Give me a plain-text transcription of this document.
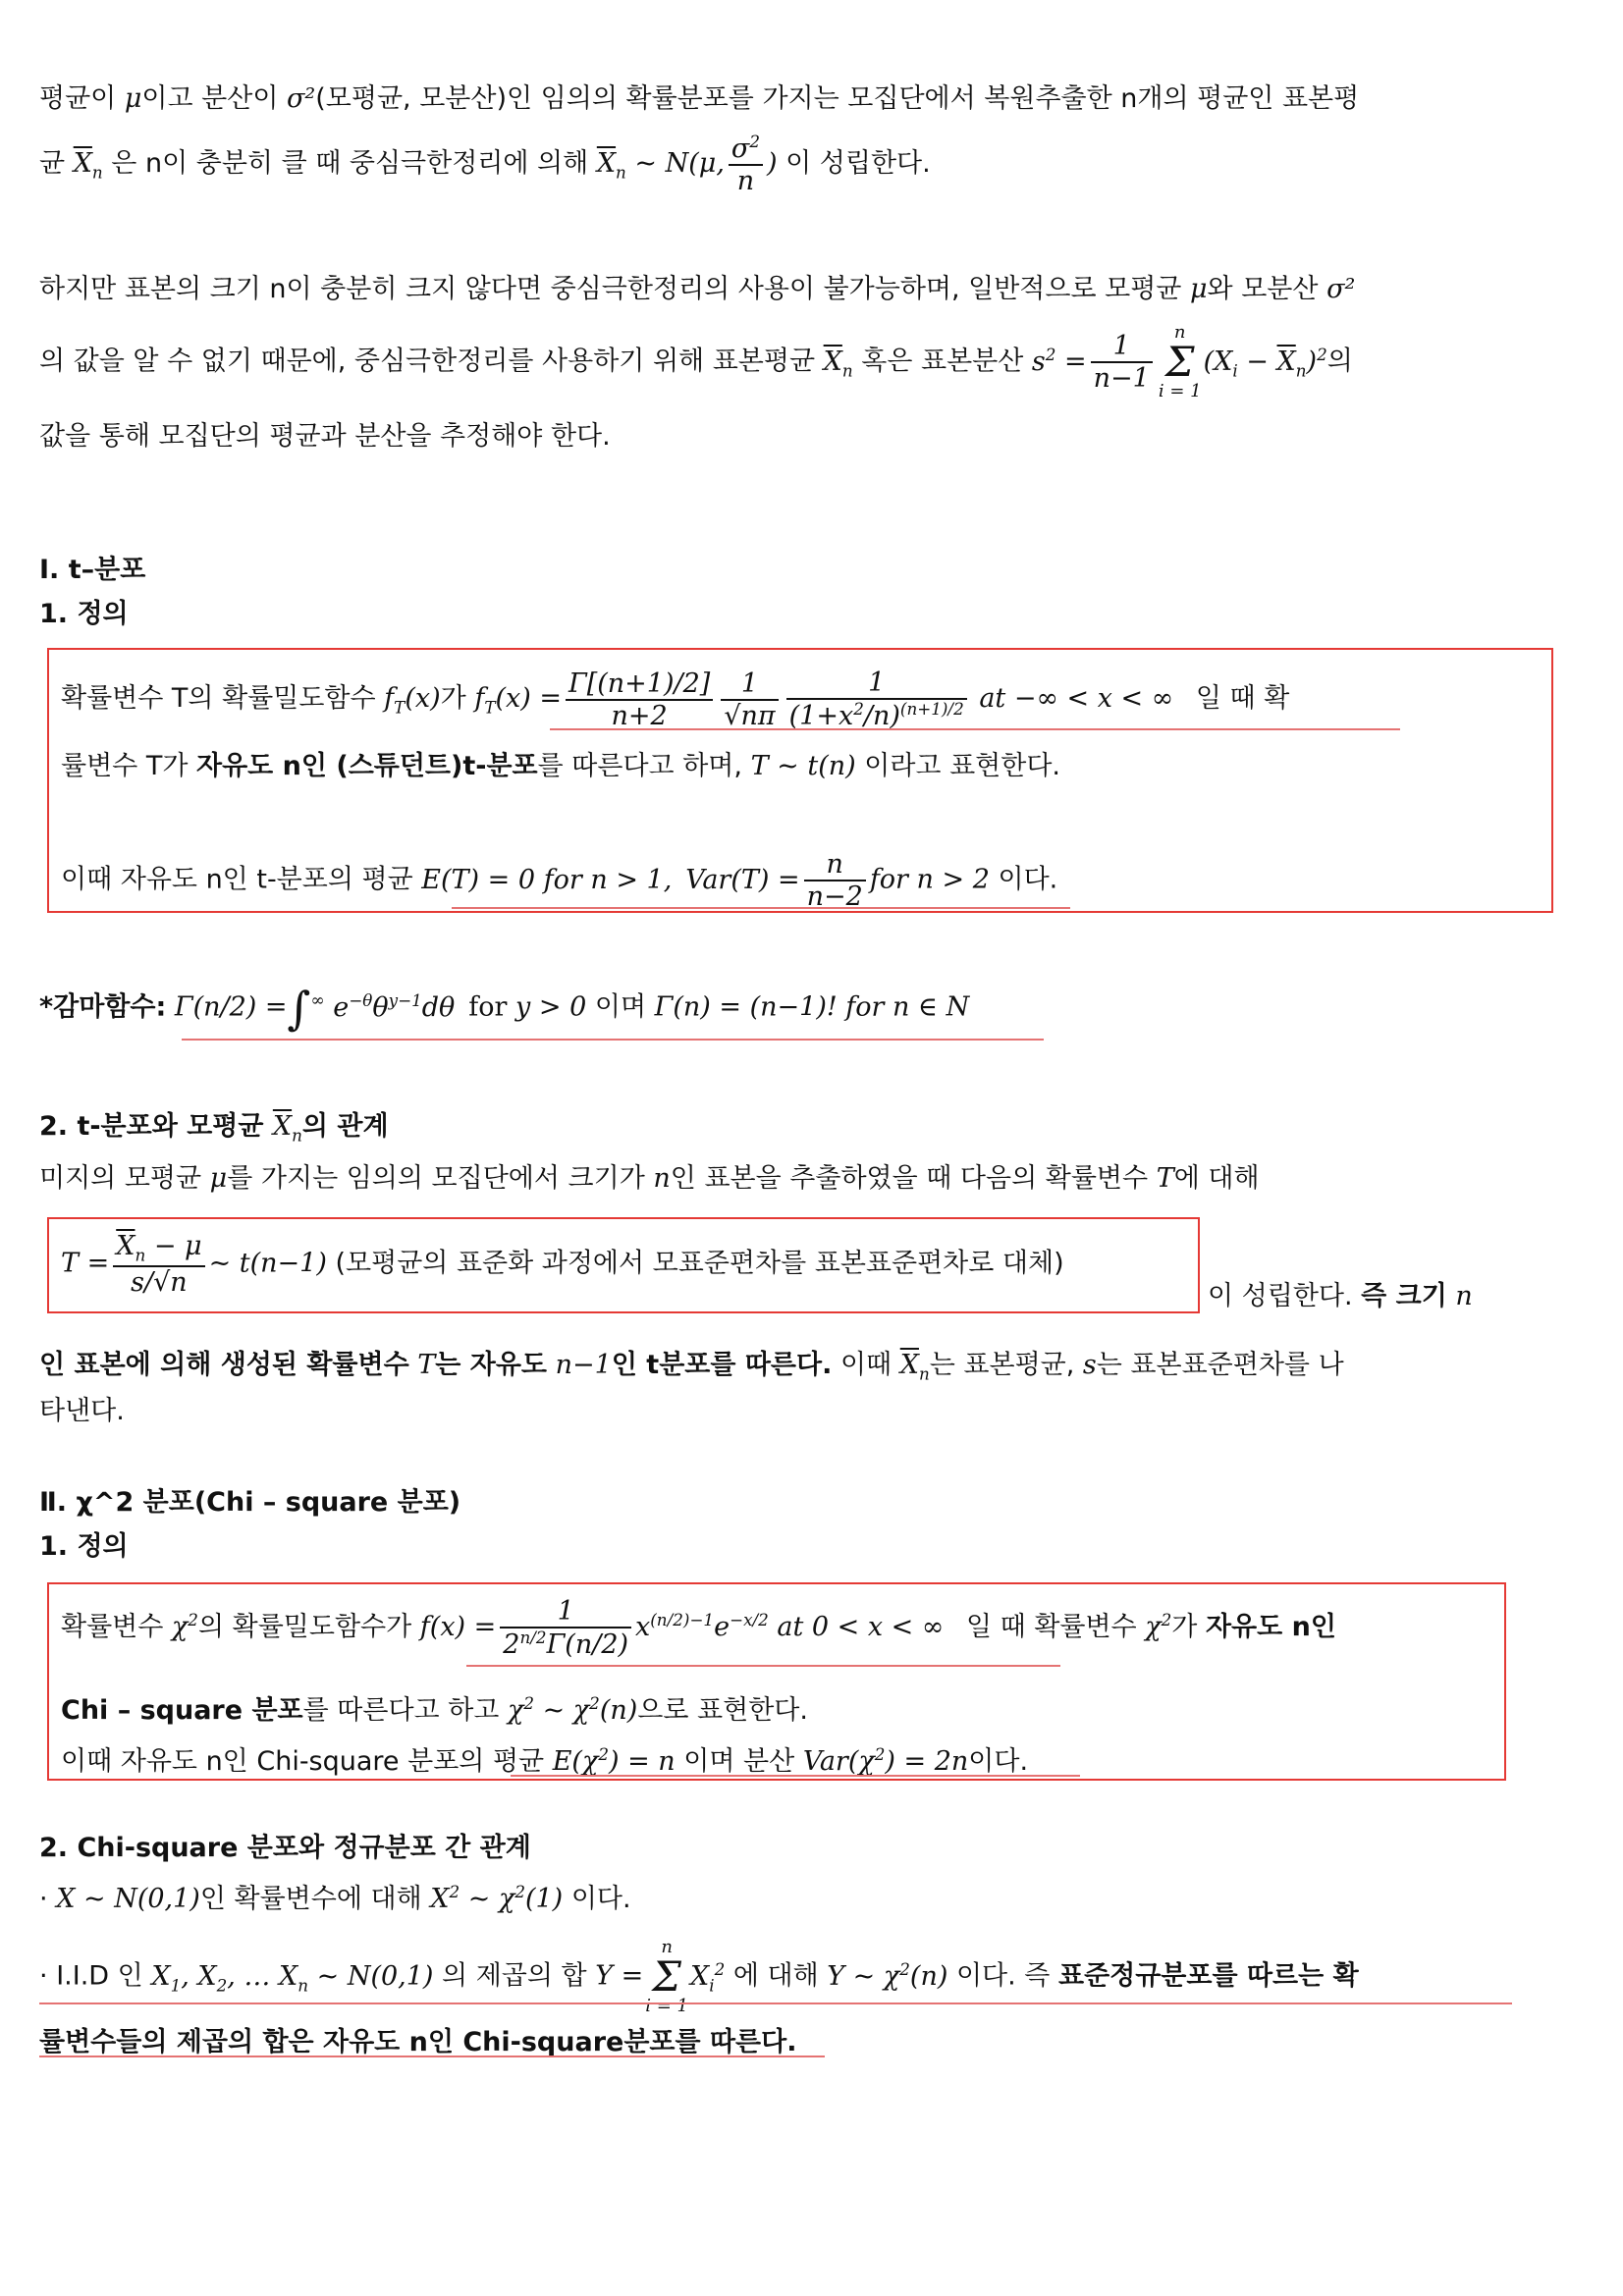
평균이 μ이고 분산이 σ²(모평균, 모분산)인 임의의 확률분포를 가지는 모집단에서 복원추출한 n개의 평균인 표본평
균 $\overline{X}_n$ 은 n이 충분히 클 때 중심극한정리에 의해 $\overline{X}_n$ ~ N(μ, $\frac{\sigma^2}{n}$ ) 이 성립한다.
하지만 표본의 크기 n이 충분히 크지 않다면 중심극한정리의 사용이 불가능하며, 일반적으로 모평균 μ와 모분산 σ²
의 값을 알 수 없기 때문에, 중심극한정리를 사용하기 위해 표본평균 $\overline{X}_n$ 혹은 표본분산 $s^2 = \frac{1}{n-1}$	n
Σ
i = 1
$(X_i - \overline{X}_n)^2$의
값을 통해 모집단의 평균과 분산을 추정해야 한다.
Ⅰ. t–분포
1. 정의
확률변수 T의 확률밀도함수 $f_T(x)$가 $f_T(x) = \frac{\Gamma[(n+1)/2]}{n+2} \frac{1}{√n\pi} \frac{1}{(1+x^2/n)^{(n+1)/2}}$ at −∞ < x < ∞ 일 때 확
률변수 T가 자유도 n인 (스튜던트)t-분포를 따른다고 하며, T ~ t(n) 이라고 표현한다.
이때 자유도 n인 t-분포의 평균 E(T) = 0 for n > 1, $Var(T) = \frac{n}{n-2}$ for n > 2 이다.
*감마함수: Γ(n/2) =∫∞ $e^{-\theta}\theta^{y-1}d\theta$ for y > 0 이며 Γ(n) = (n−1)! for n ∈ N
2. t-분포와 모평균 $\overline{X}_n$의 관계
미지의 모평균 μ를 가지는 임의의 모집단에서 크기가 n인 표본을 추출하였을 때 다음의 확률변수 T에 대해
$T = \frac{\overline{X}_n - \mu}{s/√n}$ ~ t(n−1) (모평균의 표준화 과정에서 모표준편차를 표본표준편차로 대체)
이 성립한다. 즉 크기 n
인 표본에 의해 생성된 확률변수 T는 자유도 n−1인 t분포를 따른다. 이때 $\overline{X}_n$는 표본평균, s는 표본표준편차를 나
타낸다.
Ⅱ. χ^2 분포(Chi – square 분포)
1. 정의
확률변수 $\chi^2$의 확률밀도함수가 $f(x) = \frac{1}{2^{n/2}\Gamma(n/2)} x^{(n/2)-1}e^{-x/2}$ at 0 < x < ∞ 일 때 확률변수 $\chi^2$가 자유도 n인
Chi – square 분포를 따른다고 하고 $\chi^2$ ~ $\chi^2(n)$으로 표현한다.
이때 자유도 n인 Chi-square 분포의 평균 $E(\chi^2) = n$ 이며 분산 $Var(\chi^2) = 2n$이다.
2. Chi-square 분포와 정규분포 간 관계
· X ~ N(0,1)인 확률변수에 대해 $X^2$ ~ $\chi^2(1)$ 이다.
· I.I.D 인 $X_1$, $X_2$, … $X_n$ ~ N(0,1) 의 제곱의 합 Y =
n
Σ
i = 1
$X_i^2$ 에 대해 Y ~ $\chi^2(n)$ 이다. 즉 표준정규분포를 따르는 확
률변수들의 제곱의 합은 자유도 n인 Chi-square분포를 따른다.
